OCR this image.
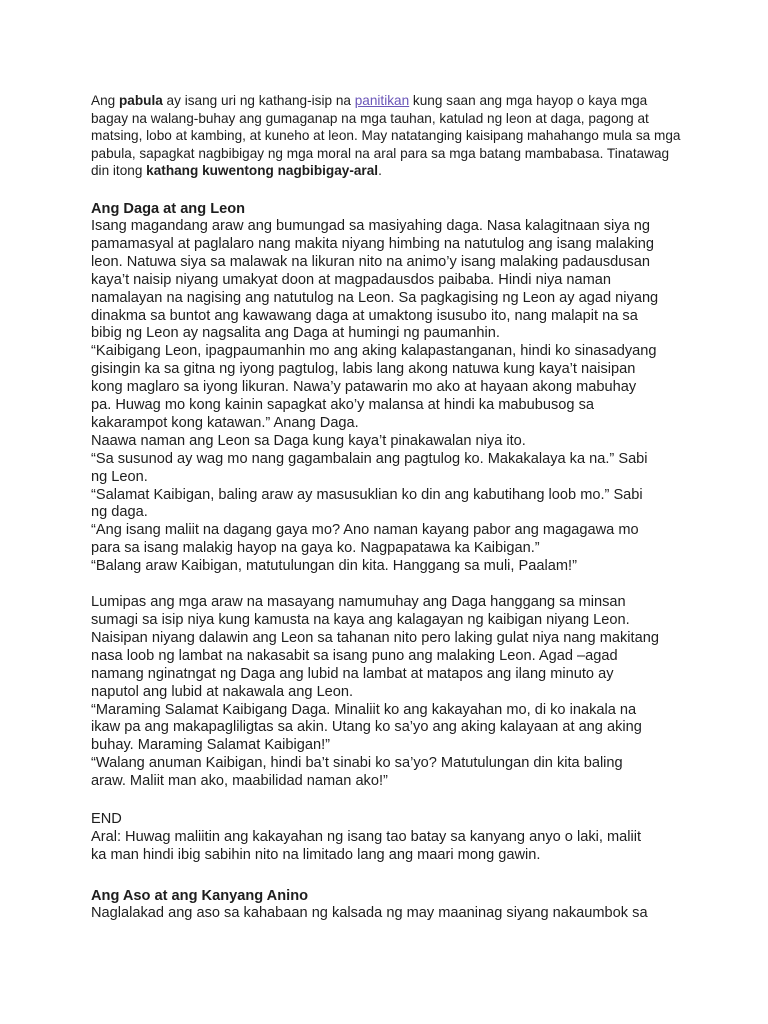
Ang pabula ay isang uri ng kathang-isip na panitikan kung saan ang mga hayop o kaya mga bagay na walang-buhay ang gumaganap na mga tauhan, katulad ng leon at daga, pagong at matsing, lobo at kambing, at kuneho at leon. May natatanging kaisipang mahahango mula sa mga pabula, sapagkat nagbibigay ng mga moral na aral para sa mga batang mambabasa. Tinatawag din itong kathang kuwentong nagbibigay-aral.

Ang Daga at ang Leon

Isang magandang araw ang bumungad sa masiyahing daga. Nasa kalagitnaan siya ng
pamamasyal at paglalaro nang makita niyang himbing na natutulog ang isang malaking
leon. Natuwa siya sa malawak na likuran nito na animo’y isang malaking padausdusan
kaya’t naisip niyang umakyat doon at magpadausdos paibaba. Hindi niya naman
namalayan na nagising ang natutulog na Leon. Sa pagkagising ng Leon ay agad niyang
dinakma sa buntot ang kawawang daga at umaktong isusubo ito, nang malapit na sa
bibig ng Leon ay nagsalita ang Daga at humingi ng paumanhin.
“Kaibigang Leon, ipagpaumanhin mo ang aking kalapastanganan, hindi ko sinasadyang
gisingin ka sa gitna ng iyong pagtulog, labis lang akong natuwa kung kaya’t naisipan
kong maglaro sa iyong likuran. Nawa’y patawarin mo ako at hayaan akong mabuhay
pa. Huwag mo kong kainin sapagkat ako’y malansa at hindi ka mabubusog sa
kakarampot kong katawan.” Anang Daga.
Naawa naman ang Leon sa Daga kung kaya’t pinakawalan niya ito.
“Sa susunod ay wag mo nang gagambalain ang pagtulog ko. Makakalaya ka na.” Sabi
ng Leon.
“Salamat Kaibigan, baling araw ay masusuklian ko din ang kabutihang loob mo.” Sabi
ng daga.
“Ang isang maliit na dagang gaya mo? Ano naman kayang pabor ang magagawa mo
para sa isang malakig hayop na gaya ko. Nagpapatawa ka Kaibigan.”
“Balang araw Kaibigan, matutulungan din kita. Hanggang sa muli, Paalam!”

Lumipas ang mga araw na masayang namumuhay ang Daga hanggang sa minsan
sumagi sa isip niya kung kamusta na kaya ang kalagayan ng kaibigan niyang Leon.
Naisipan niyang dalawin ang Leon sa tahanan nito pero laking gulat niya nang makitang
nasa loob ng lambat na nakasabit sa isang puno ang malaking Leon. Agad –agad
namang nginatngat ng Daga ang lubid na lambat at matapos ang ilang minuto ay
naputol ang lubid at nakawala ang Leon.
“Maraming Salamat Kaibigang Daga. Minaliit ko ang kakayahan mo, di ko inakala na
ikaw pa ang makapagliligtas sa akin. Utang ko sa’yo ang aking kalayaan at ang aking
buhay. Maraming Salamat Kaibigan!”
“Walang anuman Kaibigan, hindi ba’t sinabi ko sa’yo? Matutulungan din kita baling
araw. Maliit man ako, maabilidad naman ako!”

END

Aral: Huwag maliitin ang kakayahan ng isang tao batay sa kanyang anyo o laki, maliit
ka man hindi ibig sabihin nito na limitado lang ang maari mong gawin.

Ang Aso at ang Kanyang Anino

Naglalakad ang aso sa kahabaan ng kalsada ng may maaninag siyang nakaumbok sa
